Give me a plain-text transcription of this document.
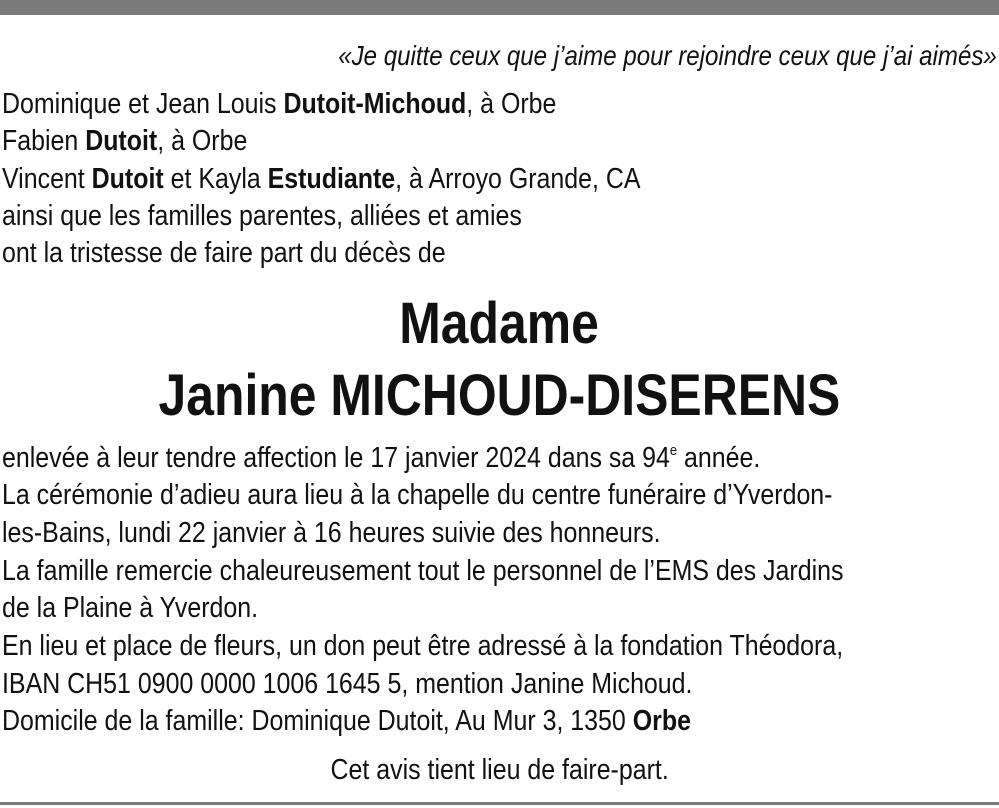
«Je quitte ceux que j’aime pour rejoindre ceux que j’ai aimés»
Dominique et Jean Louis Dutoit-Michoud, à Orbe
Fabien Dutoit, à Orbe
Vincent Dutoit et Kayla Estudiante, à Arroyo Grande, CA
ainsi que les familles parentes, alliées et amies
ont la tristesse de faire part du décès de
Madame
Janine MICHOUD-DISERENS
enlevée à leur tendre affection le 17 janvier 2024 dans sa 94e année.
La cérémonie d’adieu aura lieu à la chapelle du centre funéraire d’Yverdon-
les-Bains, lundi 22 janvier à 16 heures suivie des honneurs.
La famille remercie chaleureusement tout le personnel de l’EMS des Jardins
de la Plaine à Yverdon.
En lieu et place de fleurs, un don peut être adressé à la fondation Théodora,
IBAN CH51 0900 0000 1006 1645 5, mention Janine Michoud.
Domicile de la famille: Dominique Dutoit, Au Mur 3, 1350 Orbe
Cet avis tient lieu de faire-part.
